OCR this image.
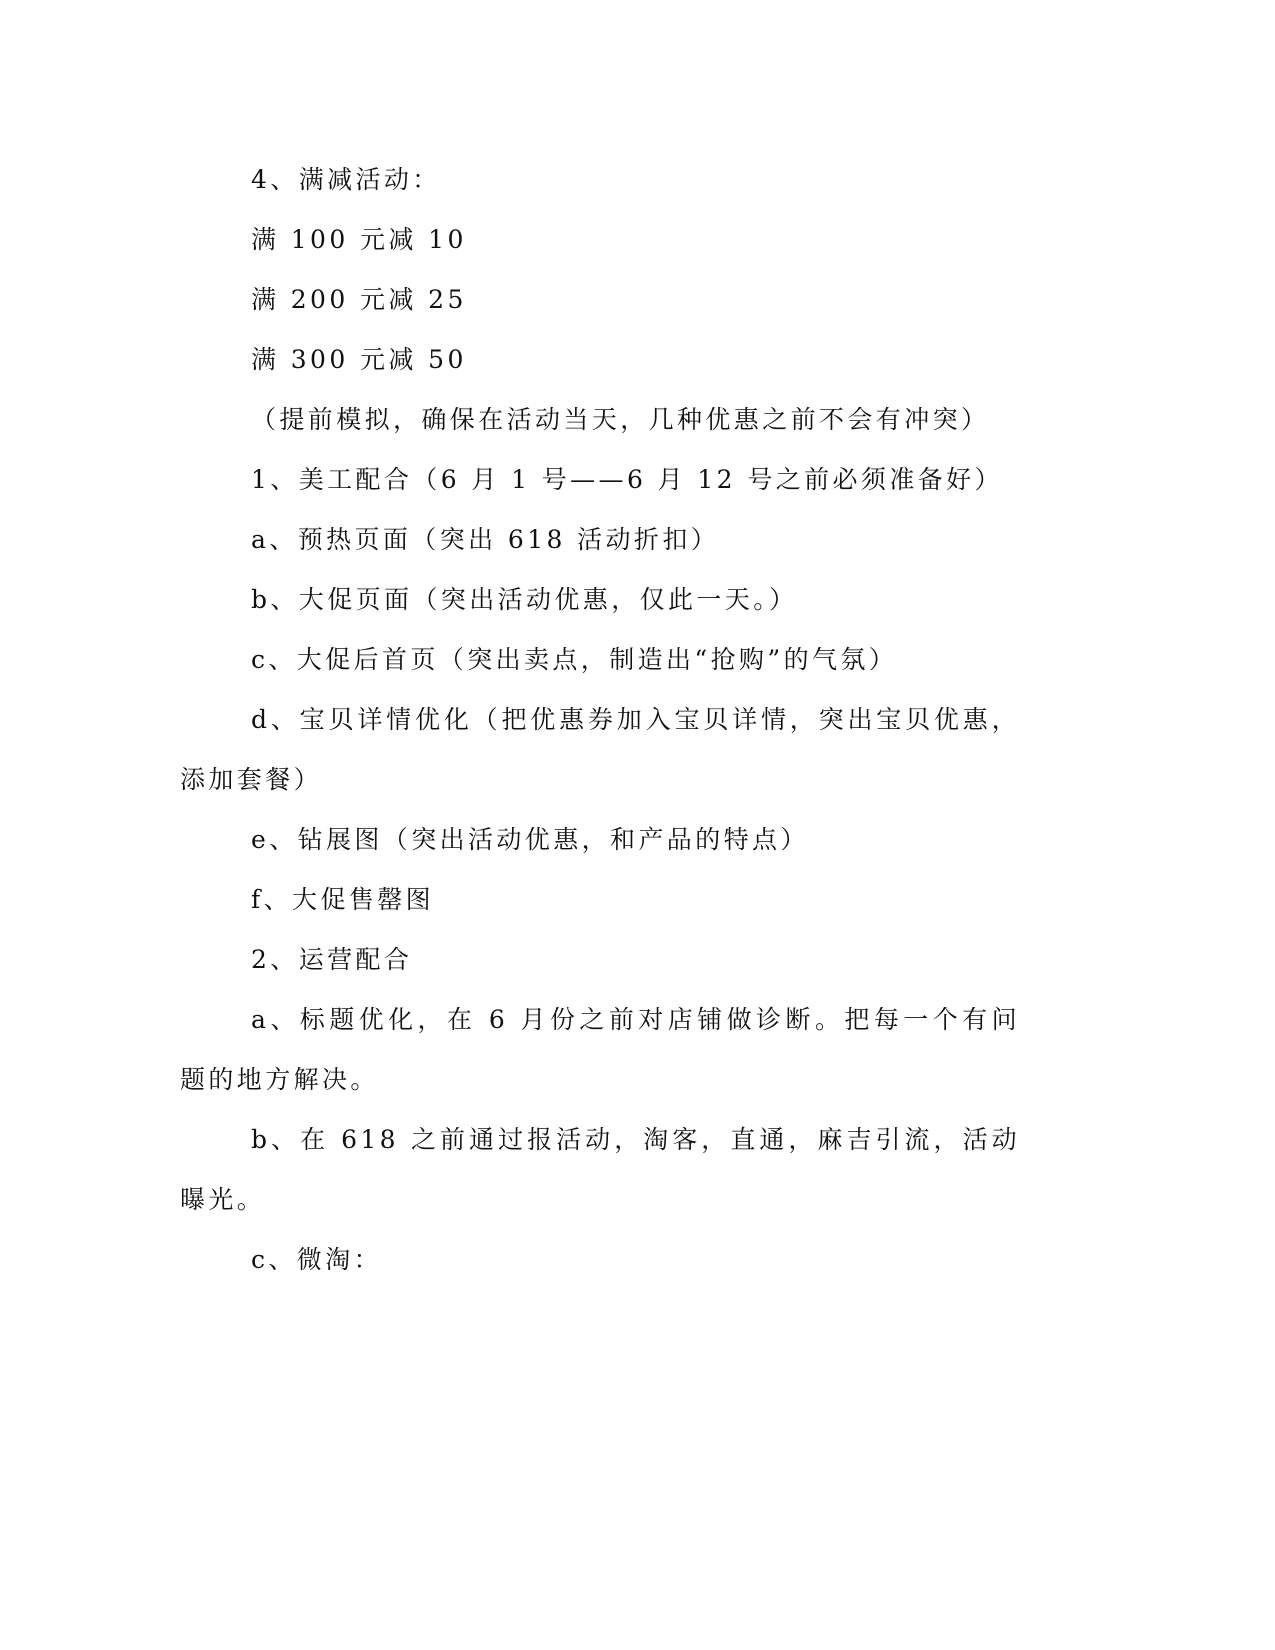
4、满减活动：

满 100 元减 10

满 200 元减 25

满 300 元减 50

（提前模拟，确保在活动当天，几种优惠之前不会有冲突）

1、美工配合（6 月 1 号——6 月 12 号之前必须准备好）

a、预热页面（突出 618 活动折扣）

b、大促页面（突出活动优惠，仅此一天。）

c、大促后首页（突出卖点，制造出“抢购”的气氛）

d、宝贝详情优化（把优惠券加入宝贝详情，突出宝贝优惠，添加套餐）

e、钻展图（突出活动优惠，和产品的特点）

f、大促售罄图

2、运营配合

a、标题优化，在 6 月份之前对店铺做诊断。把每一个有问题的地方解决。

b、在 618 之前通过报活动，淘客，直通，麻吉引流，活动曝光。

c、微淘：
